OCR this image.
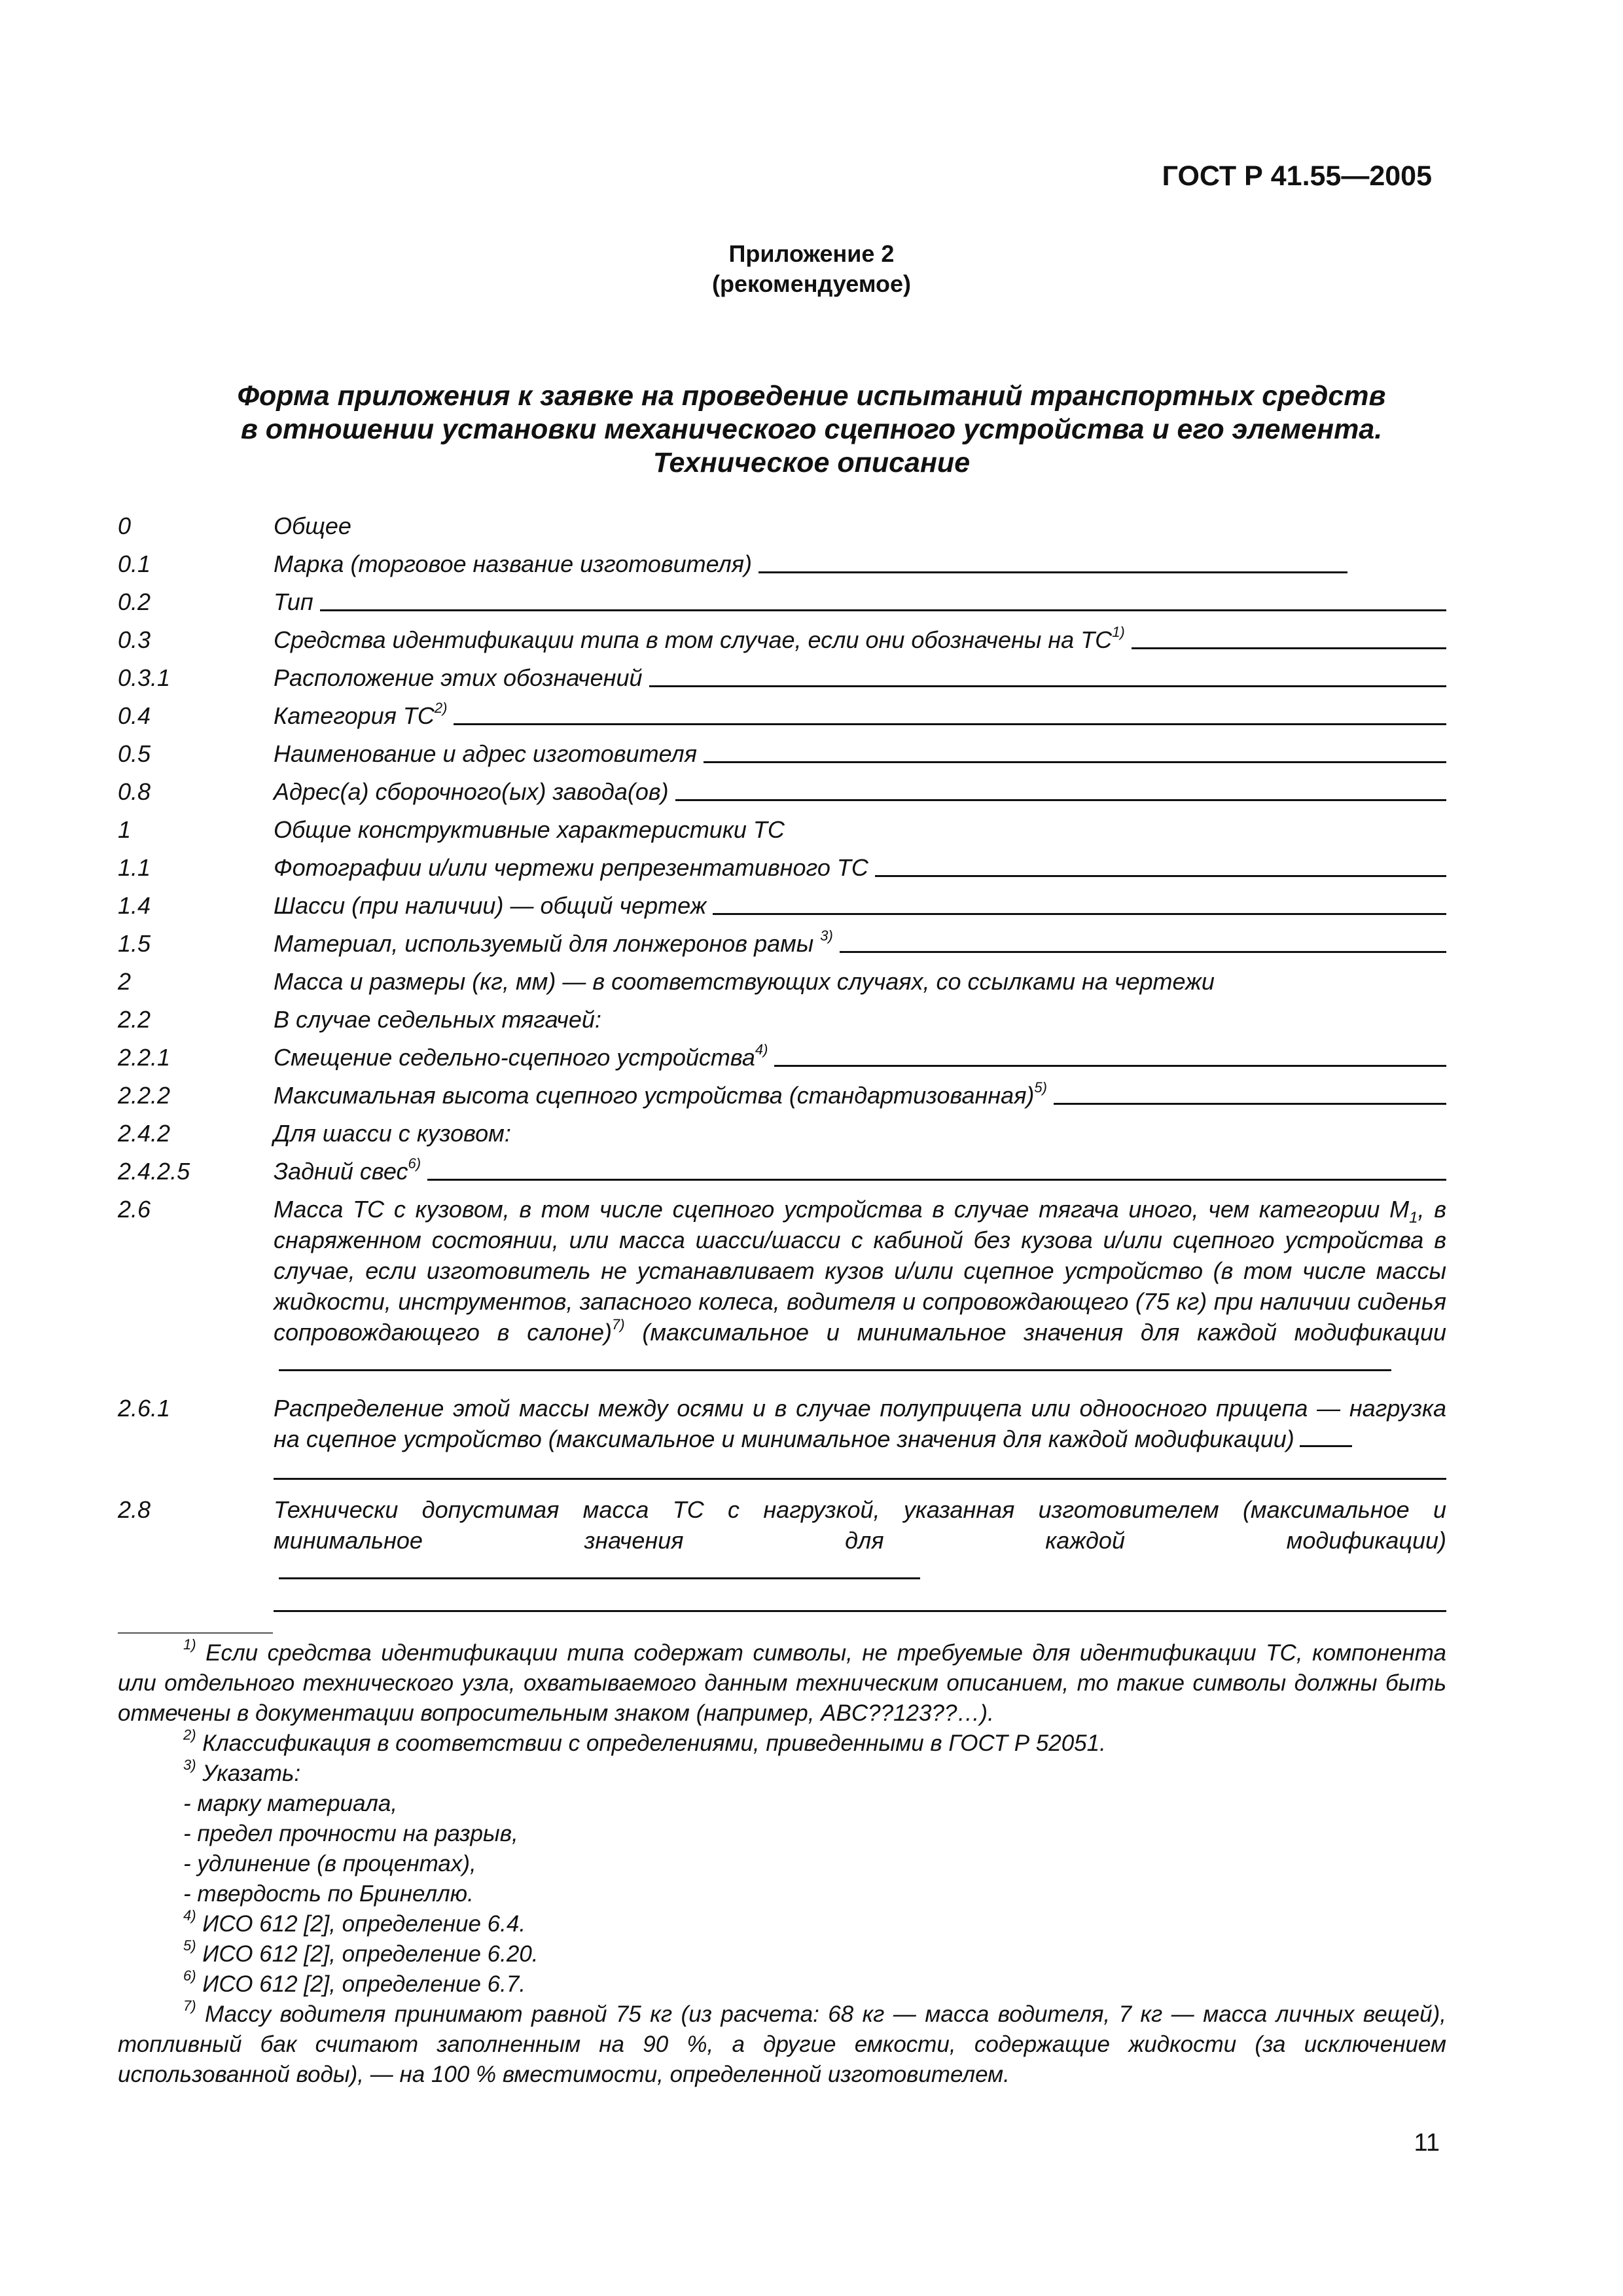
ГОСТ Р 41.55—2005
Приложение 2
(рекомендуемое)
Форма приложения к заявке на проведение испытаний транспортных средств
в отношении установки механического сцепного устройства и его элемента.
Техническое описание
0	Общее
0.1	Марка (торговое название изготовителя)
0.2	Тип
0.3	Средства идентификации типа в том случае, если они обозначены на ТС$^{1)}$
0.3.1	Расположение этих обозначений
0.4	Категория ТС$^{2)}$
0.5	Наименование и адрес изготовителя
0.8	Адрес(а) сборочного(ых) завода(ов)
1	Общие конструктивные характеристики ТС
1.1	Фотографии и/или чертежи репрезентативного ТС
1.4	Шасси (при наличии) — общий чертеж
1.5	Материал, используемый для лонжеронов рамы $^{3)}$
2	Масса и размеры (кг, мм) — в соответствующих случаях, со ссылками на чертежи
2.2	В случае седельных тягачей:
2.2.1	Смещение седельно-сцепного устройства$^{4)}$
2.2.2	Максимальная высота сцепного устройства (стандартизованная)$^{5)}$
2.4.2	Для шасси с кузовом:
2.4.2.5	Задний свес$^{6)}$
2.6	Масса ТС с кузовом, в том числе сцепного устройства в случае тягача иного, чем категории $M_1$, в снаряженном состоянии, или масса шасси/шасси с кабиной без кузова и/или сцепного устройства в случае, если изготовитель не устанавливает кузов и/или сцепное устройство (в том числе массы жидкости, инструментов, запасного колеса, водителя и сопровождающего (75 кг) при наличии сиденья сопровождающего в салоне)$^{7)}$ (максимальное и минимальное значения для каждой модификации
2.6.1	Распределение этой массы между осями и в случае полуприцепа или одноосного прицепа — нагрузка на сцепное устройство (максимальное и минимальное значения для каждой модификации)
2.8	Технически допустимая масса ТС с нагрузкой, указанная изготовителем (максимальное и минимальное значения для каждой модификации)

$^{1)}$ Если средства идентификации типа содержат символы, не требуемые для идентификации ТС, компонента или отдельного технического узла, охватываемого данным техническим описанием, то такие символы должны быть отмечены в документации вопросительным знаком (например, ABC??123??…).

$^{2)}$ Классификация в соответствии с определениями, приведенными в ГОСТ Р 52051.

$^{3)}$ Указать:

- марку материала,

- предел прочности на разрыв,

- удлинение (в процентах),

- твердость по Бринеллю.

$^{4)}$ ИСО 612 [2], определение 6.4.

$^{5)}$ ИСО 612 [2], определение 6.20.

$^{6)}$ ИСО 612 [2], определение 6.7.

$^{7)}$ Массу водителя принимают равной 75 кг (из расчета: 68 кг — масса водителя, 7 кг — масса личных вещей), топливный бак считают заполненным на 90 %, а другие емкости, содержащие жидкости (за исключением использованной воды), — на 100 % вместимости, определенной изготовителем.

11
